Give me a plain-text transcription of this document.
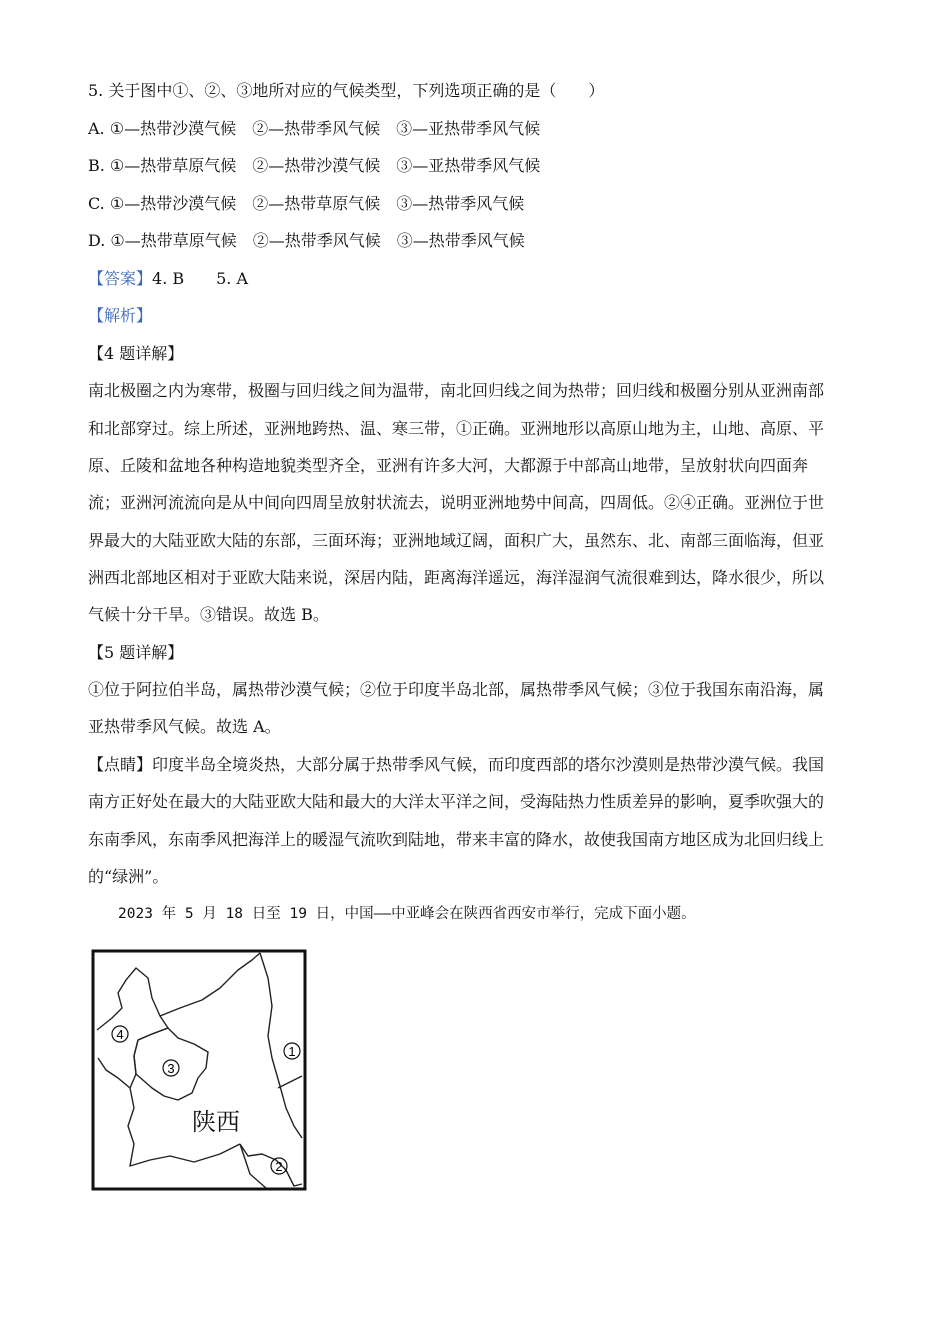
5. 关于图中①、②、③地所对应的气候类型，下列选项正确的是（　　）
A. ①—热带沙漠气候　②—热带季风气候　③—亚热带季风气候
B. ①—热带草原气候　②—热带沙漠气候　③—亚热带季风气候
C. ①—热带沙漠气候　②—热带草原气候　③—热带季风气候
D. ①—热带草原气候　②—热带季风气候　③—热带季风气候
【答案】4. B　　5. A
【解析】
【4 题详解】
南北极圈之内为寒带，极圈与回归线之间为温带，南北回归线之间为热带；回归线和极圈分别从亚洲南部
和北部穿过。综上所述，亚洲地跨热、温、寒三带，①正确。亚洲地形以高原山地为主，山地、高原、平
原、丘陵和盆地各种构造地貌类型齐全，亚洲有许多大河，大都源于中部高山地带，呈放射状向四面奔
流；亚洲河流流向是从中间向四周呈放射状流去，说明亚洲地势中间高，四周低。②④正确。亚洲位于世
界最大的大陆亚欧大陆的东部，三面环海；亚洲地域辽阔，面积广大，虽然东、北、南部三面临海，但亚
洲西北部地区相对于亚欧大陆来说，深居内陆，距离海洋遥远，海洋湿润气流很难到达，降水很少，所以
气候十分干旱。③错误。故选 B。
【5 题详解】
①位于阿拉伯半岛，属热带沙漠气候；②位于印度半岛北部，属热带季风气候；③位于我国东南沿海，属
亚热带季风气候。故选 A。
【点睛】印度半岛全境炎热，大部分属于热带季风气候，而印度西部的塔尔沙漠则是热带沙漠气候。我国
南方正好处在最大的大陆亚欧大陆和最大的大洋太平洋之间，受海陆热力性质差异的影响，夏季吹强大的
东南季风，东南季风把海洋上的暖湿气流吹到陆地，带来丰富的降水，故使我国南方地区成为北回归线上
的“绿洲”。
2023 年 5 月 18 日至 19 日，中国——中亚峰会在陕西省西安市举行，完成下面小题。
4
3
1
2
陕西
